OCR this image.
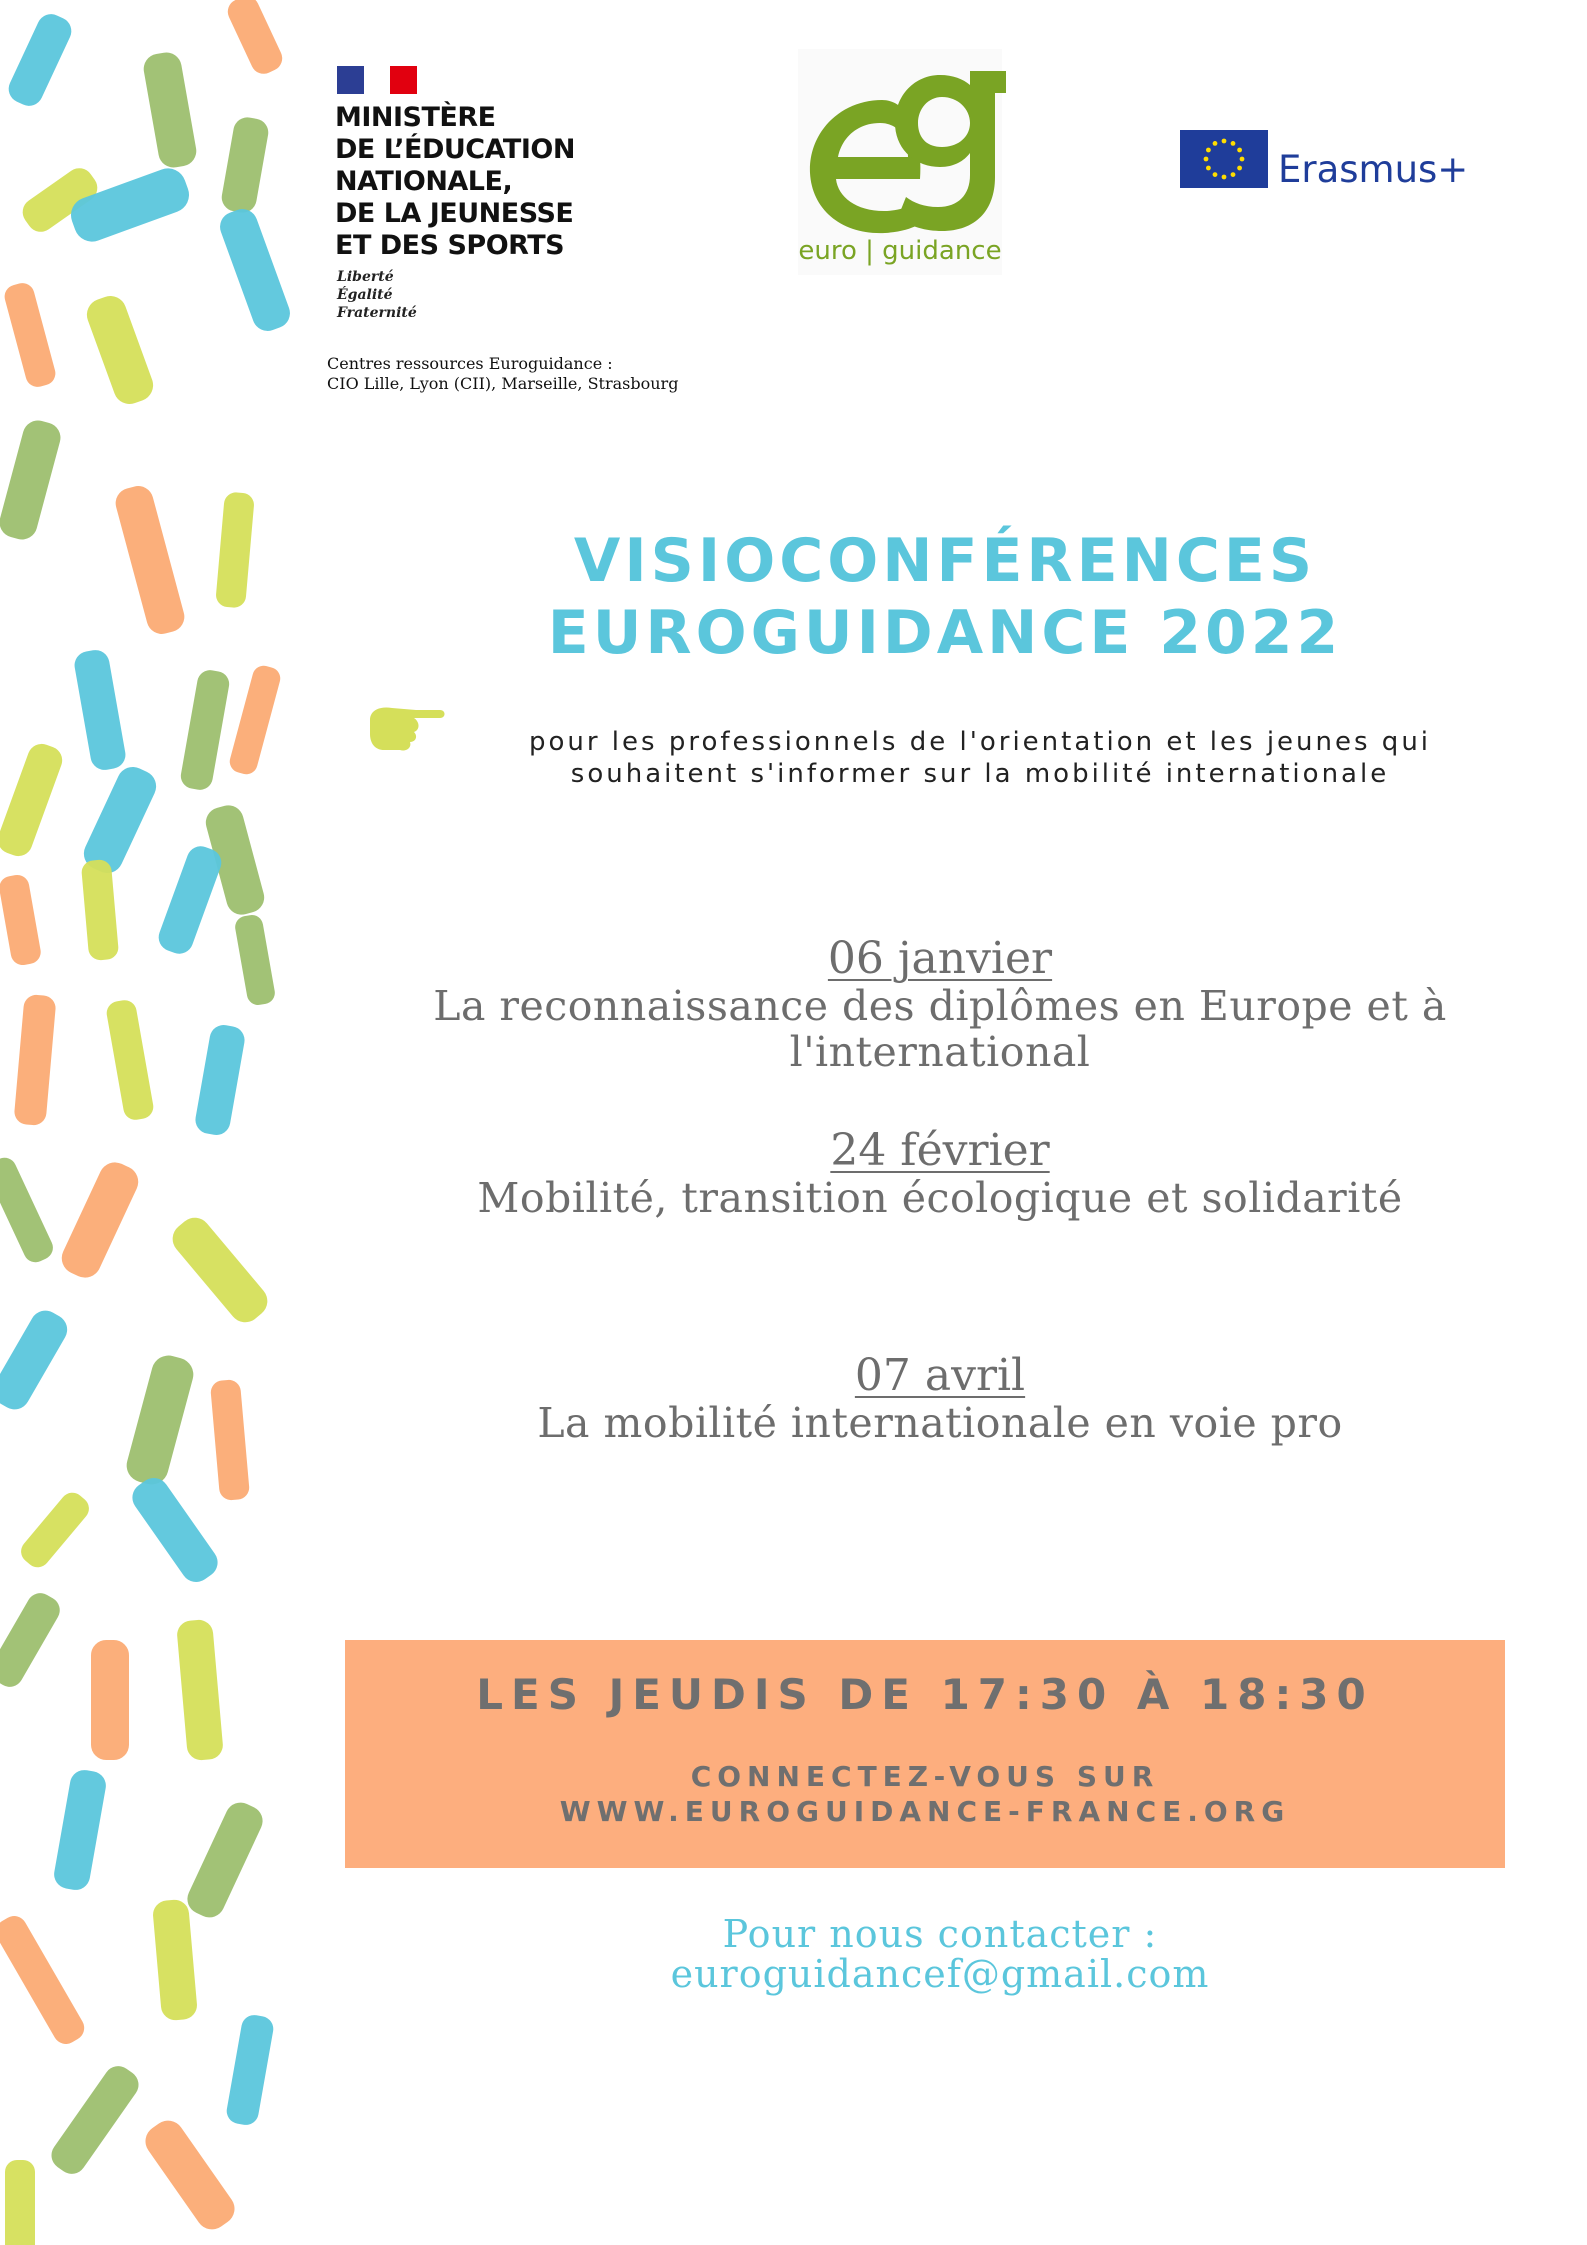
MINISTÈRE
DE L’ÉDUCATION
NATIONALE,
DE LA JEUNESSE
ET DES SPORTS
Liberté
Égalité
Fraternité
Centres ressources Euroguidance :
CIO Lille, Lyon (CII), Marseille, Strasbourg
euro | guidance
Erasmus+
VISIOCONFÉRENCES
EUROGUIDANCE 2022
pour les professionnels de l'orientation et les jeunes qui
souhaitent s'informer sur la mobilité internationale
06 janvier
La reconnaissance des diplômes en Europe et à
l'international
24 février
Mobilité, transition écologique et solidarité
07 avril
La mobilité internationale en voie pro
LES JEUDIS DE 17:30 À 18:30
CONNECTEZ-VOUS SUR
WWW.EUROGUIDANCE-FRANCE.ORG
Pour nous contacter :
euroguidancef@gmail.com
